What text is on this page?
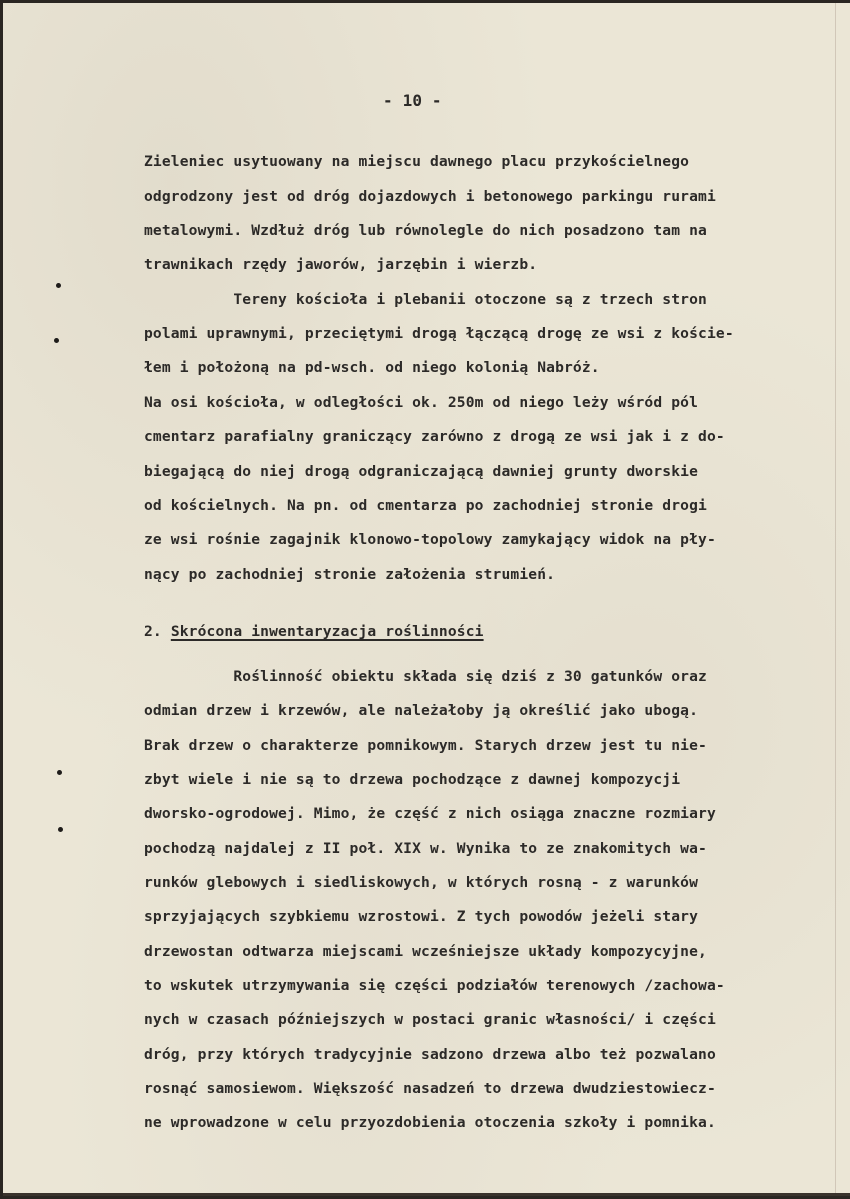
- 10 -
Zieleniec usytuowany na miejscu dawnego placu przykościelnego
odgrodzony jest od dróg dojazdowych i betonowego parkingu rurami
metalowymi. Wzdłuż dróg lub równolegle do nich posadzono tam na
trawnikach rzędy jaworów, jarzębin i wierzb.
Tereny kościoła i plebanii otoczone są z trzech stron
polami uprawnymi, przeciętymi drogą łączącą drogę ze wsi z koście-
łem i położoną na pd-wsch. od niego kolonią Nabróż.
Na osi kościoła, w odległości ok. 250m od niego leży wśród pól
cmentarz parafialny graniczący zarówno z drogą ze wsi jak i z do-
biegającą do niej drogą odgraniczającą dawniej grunty dworskie
od kościelnych. Na pn. od cmentarza po zachodniej stronie drogi
ze wsi rośnie zagajnik klonowo-topolowy zamykający widok na pły-
nący po zachodniej stronie założenia strumień.
2. Skrócona inwentaryzacja roślinności
Roślinność obiektu składa się dziś z 30 gatunków oraz
odmian drzew i krzewów, ale należałoby ją określić jako ubogą.
Brak drzew o charakterze pomnikowym. Starych drzew jest tu nie-
zbyt wiele i nie są to drzewa pochodzące z dawnej kompozycji
dworsko-ogrodowej. Mimo, że część z nich osiąga znaczne rozmiary
pochodzą najdalej z II poł. XIX w. Wynika to ze znakomitych wa-
runków glebowych i siedliskowych, w których rosną - z warunków
sprzyjających szybkiemu wzrostowi. Z tych powodów jeżeli stary
drzewostan odtwarza miejscami wcześniejsze układy kompozycyjne,
to wskutek utrzymywania się części podziałów terenowych /zachowa-
nych w czasach późniejszych w postaci granic własności/ i części
dróg, przy których tradycyjnie sadzono drzewa albo też pozwalano
rosnąć samosiewom. Większość nasadzeń to drzewa dwudziestowiecz-
ne wprowadzone w celu przyozdobienia otoczenia szkoły i pomnika.
